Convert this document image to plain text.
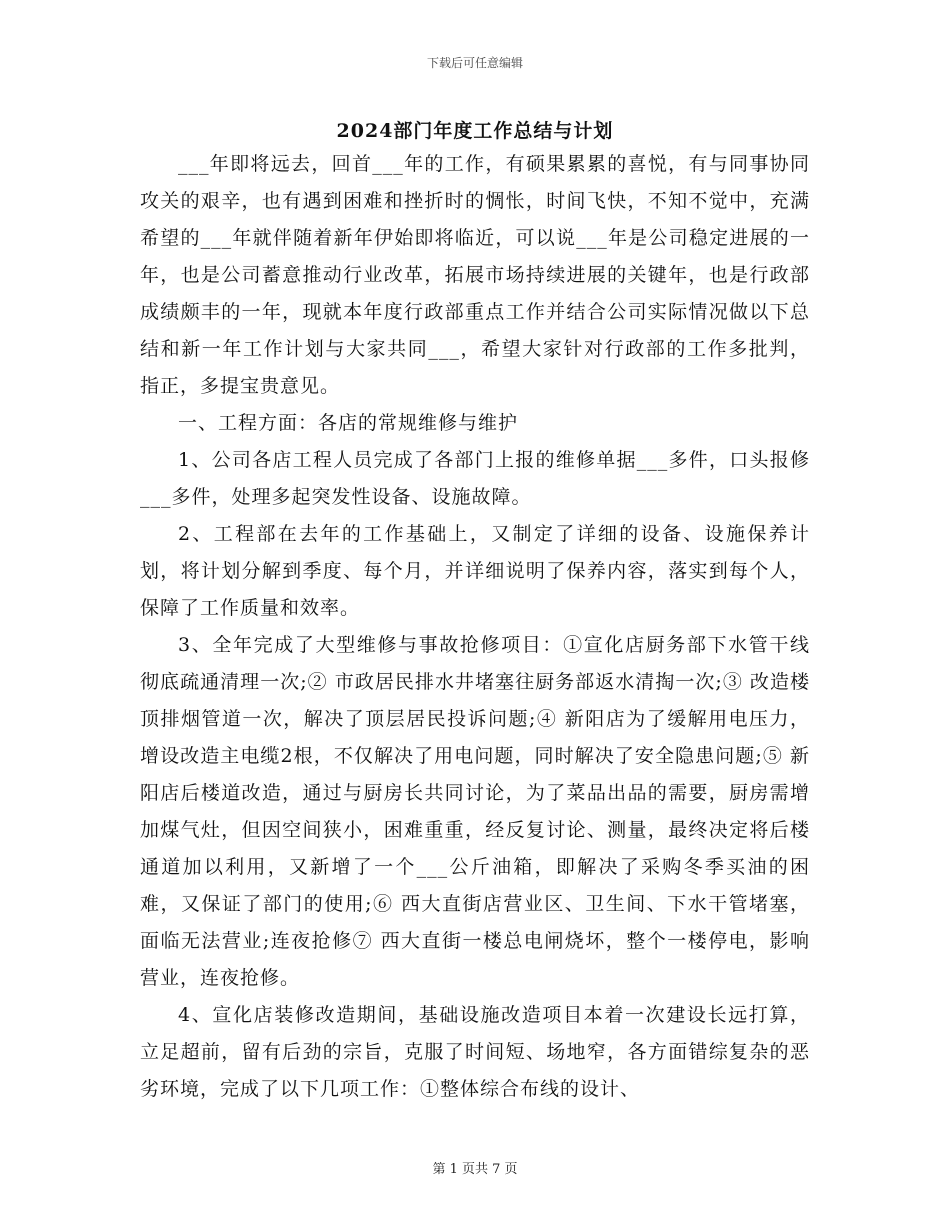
下载后可任意编辑
2024部门年度工作总结与计划

___年即将远去，回首___年的工作，有硕果累累的喜悦，有与同事协同攻关的艰辛，也有遇到困难和挫折时的惆怅，时间飞快，不知不觉中，充满希望的___年就伴随着新年伊始即将临近，可以说___年是公司稳定进展的一年，也是公司蓄意推动行业改革，拓展市场持续进展的关键年，也是行政部成绩颇丰的一年，现就本年度行政部重点工作并结合公司实际情况做以下总结和新一年工作计划与大家共同___，希望大家针对行政部的工作多批判，指正，多提宝贵意见。

一、工程方面：各店的常规维修与维护

1、公司各店工程人员完成了各部门上报的维修单据___多件，口头报修___多件，处理多起突发性设备、设施故障。

2、工程部在去年的工作基础上，又制定了详细的设备、设施保养计划，将计划分解到季度、每个月，并详细说明了保养内容，落实到每个人，保障了工作质量和效率。

3、全年完成了大型维修与事故抢修项目：①宣化店厨务部下水管干线彻底疏通清理一次;② 市政居民排水井堵塞往厨务部返水清掏一次;③ 改造楼顶排烟管道一次，解决了顶层居民投诉问题;④ 新阳店为了缓解用电压力，增设改造主电缆2根，不仅解决了用电问题，同时解决了安全隐患问题;⑤ 新阳店后楼道改造，通过与厨房长共同讨论，为了菜品出品的需要，厨房需增加煤气灶，但因空间狭小，困难重重，经反复讨论、测量，最终决定将后楼通道加以利用，又新增了一个___公斤油箱，即解决了采购冬季买油的困难，又保证了部门的使用;⑥ 西大直街店营业区、卫生间、下水干管堵塞，面临无法营业;连夜抢修⑦ 西大直街一楼总电闸烧坏，整个一楼停电，影响营业，连夜抢修。

4、宣化店装修改造期间，基础设施改造项目本着一次建设长远打算，立足超前，留有后劲的宗旨，克服了时间短、场地窄，各方面错综复杂的恶劣环境，完成了以下几项工作：①整体综合布线的设计、

第 1 页共 7 页
